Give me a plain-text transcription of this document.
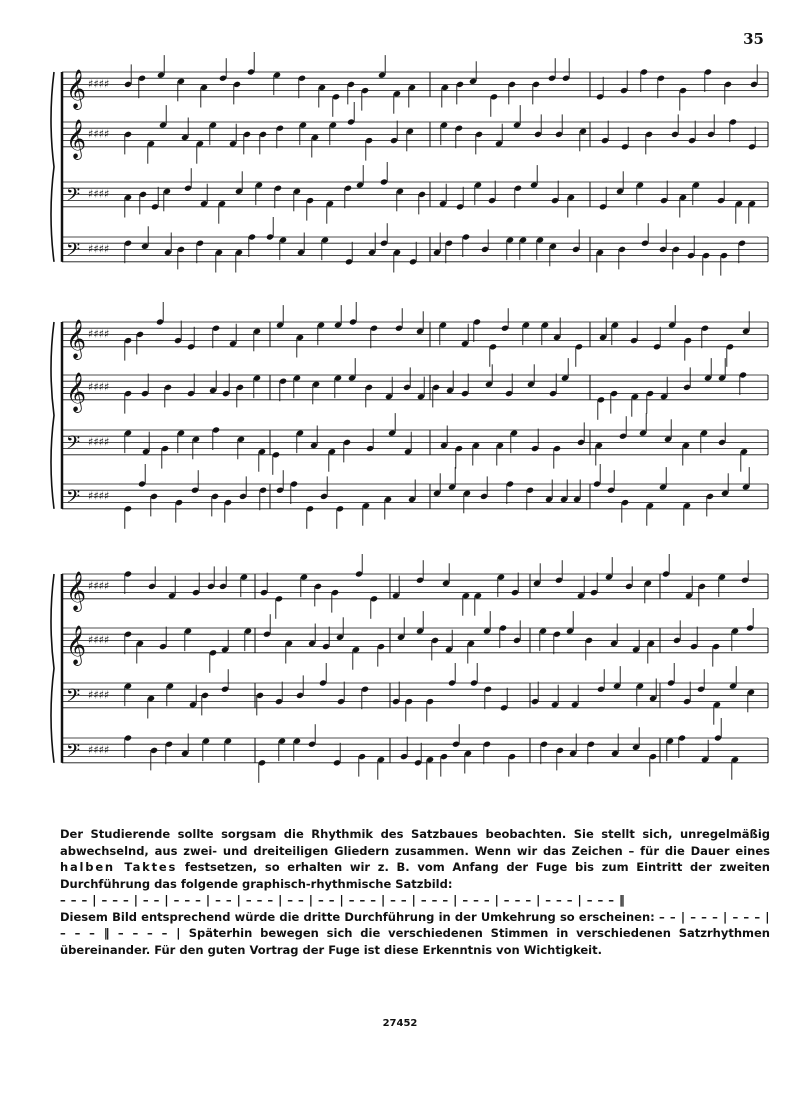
35
𝄞 ♯♯♯♯
𝄞 ♯♯♯♯
𝄢 ♯♯♯♯
𝄢 ♯♯♯♯
𝄞 ♯♯♯♯
𝄞 ♯♯♯♯
𝄢 ♯♯♯♯
𝄢 ♯♯♯♯
𝄞 ♯♯♯♯
𝄞 ♯♯♯♯
𝄢 ♯♯♯♯
𝄢 ♯♯♯♯

Der Studierende sollte sorgsam die Rhythmik des Satzbaues beobachten. Sie stellt sich, unregelmäßig abwechselnd, aus zwei- und dreiteiligen Gliedern zusammen. Wenn wir das Zeichen – für die Dauer eines halben Taktes festsetzen, so erhalten wir z. B. vom Anfang der Fuge bis zum Eintritt der zweiten Durchführung das folgende graphisch-rhythmische Satzbild:
– – – | – – – | – – | – – – | – – | – – – | – – | – – | – – – | – – | – – – | – – – | – – – | – – – | – – – ‖
Diesem Bild entsprechend würde die dritte Durchführung in der Umkehrung so erscheinen: – – | – – – | – – – | – – – ‖ – – – – | Späterhin bewegen sich die verschiedenen Stimmen in verschiedenen Satzrhythmen übereinander. Für den guten Vortrag der Fuge ist diese Erkenntnis von Wichtigkeit.

27452
